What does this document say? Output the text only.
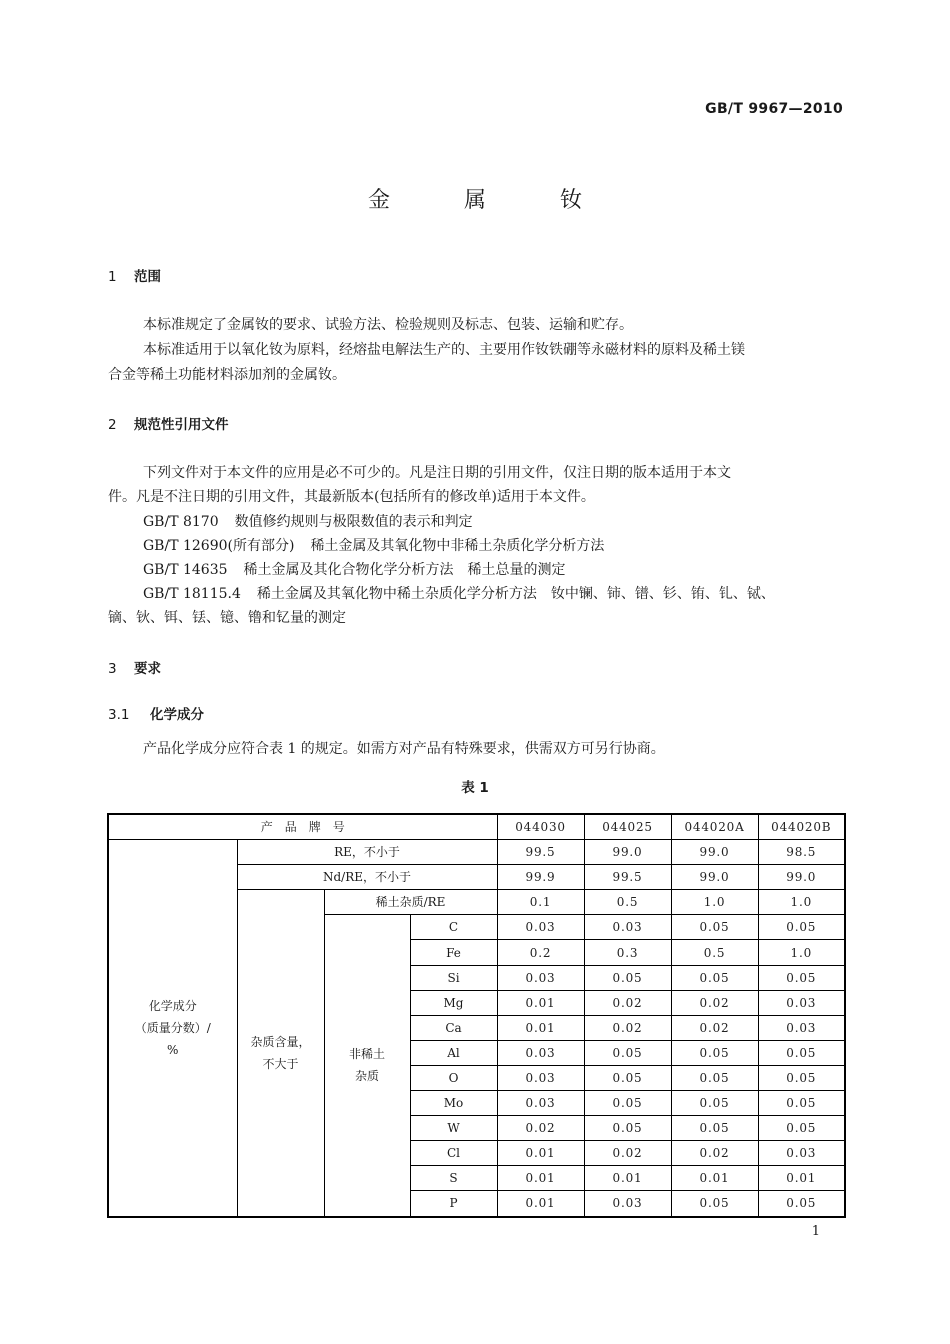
GB/T 9967—2010
金	属	钕
1 范围
本标准规定了金属钕的要求、试验方法、检验规则及标志、包装、运输和贮存。
本标准适用于以氧化钕为原料，经熔盐电解法生产的、主要用作钕铁硼等永磁材料的原料及稀土镁
合金等稀土功能材料添加剂的金属钕。
2 规范性引用文件
下列文件对于本文件的应用是必不可少的。凡是注日期的引用文件，仅注日期的版本适用于本文
件。凡是不注日期的引用文件，其最新版本(包括所有的修改单)适用于本文件。
GB/T 8170 数值修约规则与极限数值的表示和判定
GB/T 12690(所有部分) 稀土金属及其氧化物中非稀土杂质化学分析方法
GB/T 14635 稀土金属及其化合物化学分析方法　稀土总量的测定
GB/T 18115.4 稀土金属及其氧化物中稀土杂质化学分析方法　钕中镧、铈、镨、钐、铕、钆、铽、
镝、钬、铒、铥、镱、镥和钇量的测定
3 要求
3.1 化学成分
产品化学成分应符合表 1 的规定。如需方对产品有特殊要求，供需双方可另行协商。
表 1
产　品　牌　号				044030	044025	044020A	044020B
化学成分
（质量分数）/
%	RE，不小于			99.5	99.0	99.0	98.5
	Nd/RE，不小于			99.9	99.5	99.0	99.0
	杂质含量，
不大于	稀土杂质/RE		0.1	0.5	1.0	1.0
		非稀土
杂质	C	0.03	0.03	0.05	0.05
			Fe	0.2	0.3	0.5	1.0
			Si	0.03	0.05	0.05	0.05
			Mg	0.01	0.02	0.02	0.03
			Ca	0.01	0.02	0.02	0.03
			Al	0.03	0.05	0.05	0.05
			O	0.03	0.05	0.05	0.05
			Mo	0.03	0.05	0.05	0.05
			W	0.02	0.05	0.05	0.05
			Cl	0.01	0.02	0.02	0.03
			S	0.01	0.01	0.01	0.01
			P	0.01	0.03	0.05	0.05
1
